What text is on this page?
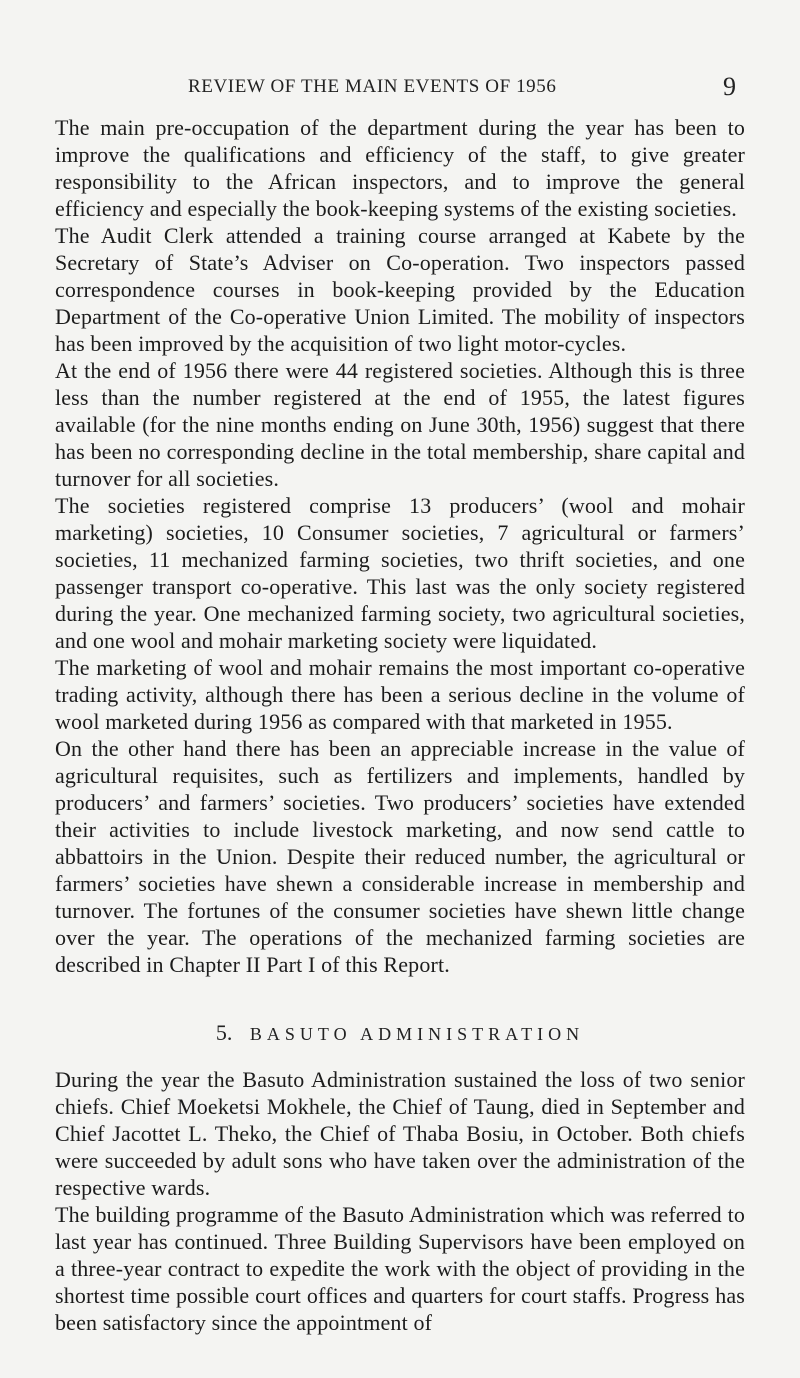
REVIEW OF THE MAIN EVENTS OF 1956	9

The main pre-occupation of the department during the year has been to improve the qualifications and efficiency of the staff, to give greater responsibility to the African inspectors, and to improve the general efficiency and especially the book-keeping systems of the existing societies.

The Audit Clerk attended a training course arranged at Kabete by the Secretary of State’s Adviser on Co-operation. Two inspectors passed correspondence courses in book-keeping provided by the Education Department of the Co-operative Union Limited. The mobility of inspectors has been improved by the acquisition of two light motor-cycles.

At the end of 1956 there were 44 registered societies. Although this is three less than the number registered at the end of 1955, the latest figures available (for the nine months ending on June 30th, 1956) suggest that there has been no corresponding decline in the total membership, share capital and turnover for all societies.

The societies registered comprise 13 producers’ (wool and mohair marketing) societies, 10 Consumer societies, 7 agricultural or farmers’ societies, 11 mechanized farming societies, two thrift societies, and one passenger transport co-operative. This last was the only society registered during the year. One mechanized farming society, two agricultural societies, and one wool and mohair marketing society were liquidated.

The marketing of wool and mohair remains the most important co-operative trading activity, although there has been a serious decline in the volume of wool marketed during 1956 as compared with that marketed in 1955.

On the other hand there has been an appreciable increase in the value of agricultural requisites, such as fertilizers and implements, handled by producers’ and farmers’ societies. Two producers’ societies have extended their activities to include livestock marketing, and now send cattle to abbattoirs in the Union. Despite their reduced number, the agricultural or farmers’ societies have shewn a considerable increase in membership and turnover. The fortunes of the consumer societies have shewn little change over the year. The operations of the mechanized farming societies are described in Chapter II Part I of this Report.

5. BASUTO ADMINISTRATION

During the year the Basuto Administration sustained the loss of two senior chiefs. Chief Moeketsi Mokhele, the Chief of Taung, died in September and Chief Jacottet L. Theko, the Chief of Thaba Bosiu, in October. Both chiefs were succeeded by adult sons who have taken over the administration of the respective wards.

The building programme of the Basuto Administration which was referred to last year has continued. Three Building Supervisors have been employed on a three-year contract to expedite the work with the object of providing in the shortest time possible court offices and quarters for court staffs. Progress has been satisfactory since the appointment of
